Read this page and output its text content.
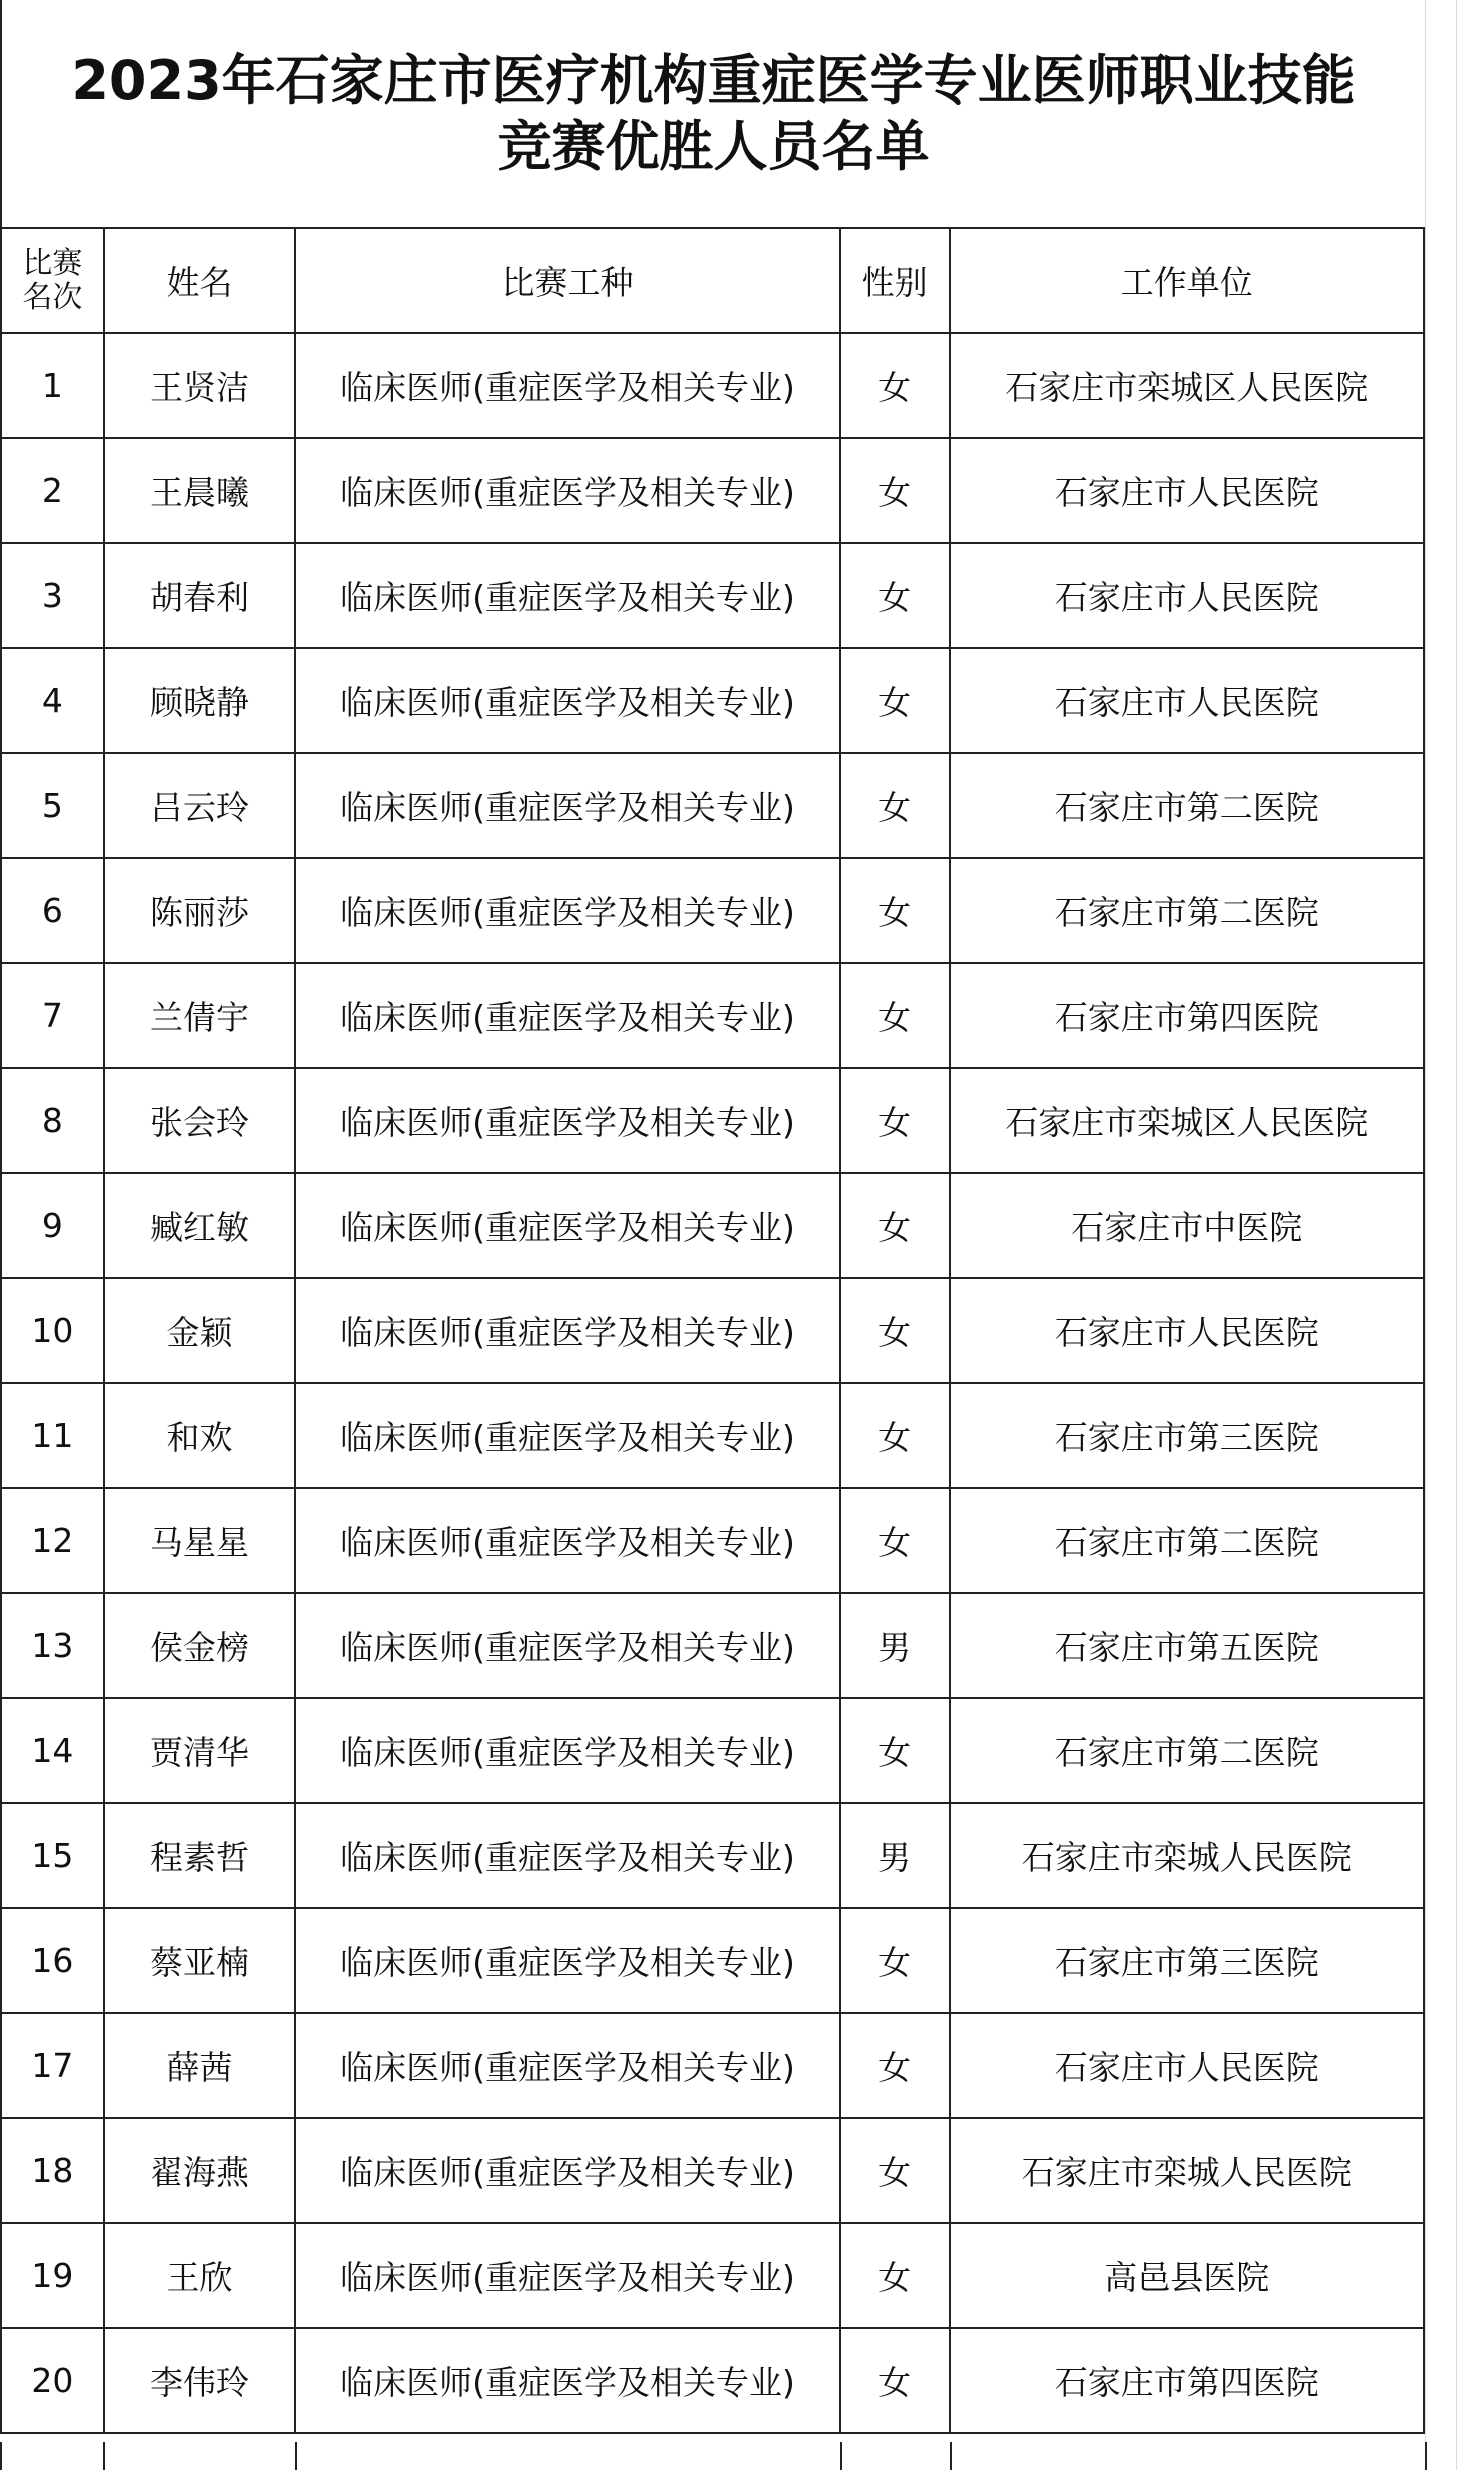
2023年石家庄市医疗机构重症医学专业医师职业技能
竞赛优胜人员名单
比赛
名次	姓名	比赛工种	性别	工作单位
1	王贤洁	临床医师(重症医学及相关专业)	女	石家庄市栾城区人民医院
2	王晨曦	临床医师(重症医学及相关专业)	女	石家庄市人民医院
3	胡春利	临床医师(重症医学及相关专业)	女	石家庄市人民医院
4	顾晓静	临床医师(重症医学及相关专业)	女	石家庄市人民医院
5	吕云玲	临床医师(重症医学及相关专业)	女	石家庄市第二医院
6	陈丽莎	临床医师(重症医学及相关专业)	女	石家庄市第二医院
7	兰倩宇	临床医师(重症医学及相关专业)	女	石家庄市第四医院
8	张会玲	临床医师(重症医学及相关专业)	女	石家庄市栾城区人民医院
9	臧红敏	临床医师(重症医学及相关专业)	女	石家庄市中医院
10	金颖	临床医师(重症医学及相关专业)	女	石家庄市人民医院
11	和欢	临床医师(重症医学及相关专业)	女	石家庄市第三医院
12	马星星	临床医师(重症医学及相关专业)	女	石家庄市第二医院
13	侯金榜	临床医师(重症医学及相关专业)	男	石家庄市第五医院
14	贾清华	临床医师(重症医学及相关专业)	女	石家庄市第二医院
15	程素哲	临床医师(重症医学及相关专业)	男	石家庄市栾城人民医院
16	蔡亚楠	临床医师(重症医学及相关专业)	女	石家庄市第三医院
17	薛茜	临床医师(重症医学及相关专业)	女	石家庄市人民医院
18	翟海燕	临床医师(重症医学及相关专业)	女	石家庄市栾城人民医院
19	王欣	临床医师(重症医学及相关专业)	女	高邑县医院
20	李伟玲	临床医师(重症医学及相关专业)	女	石家庄市第四医院
